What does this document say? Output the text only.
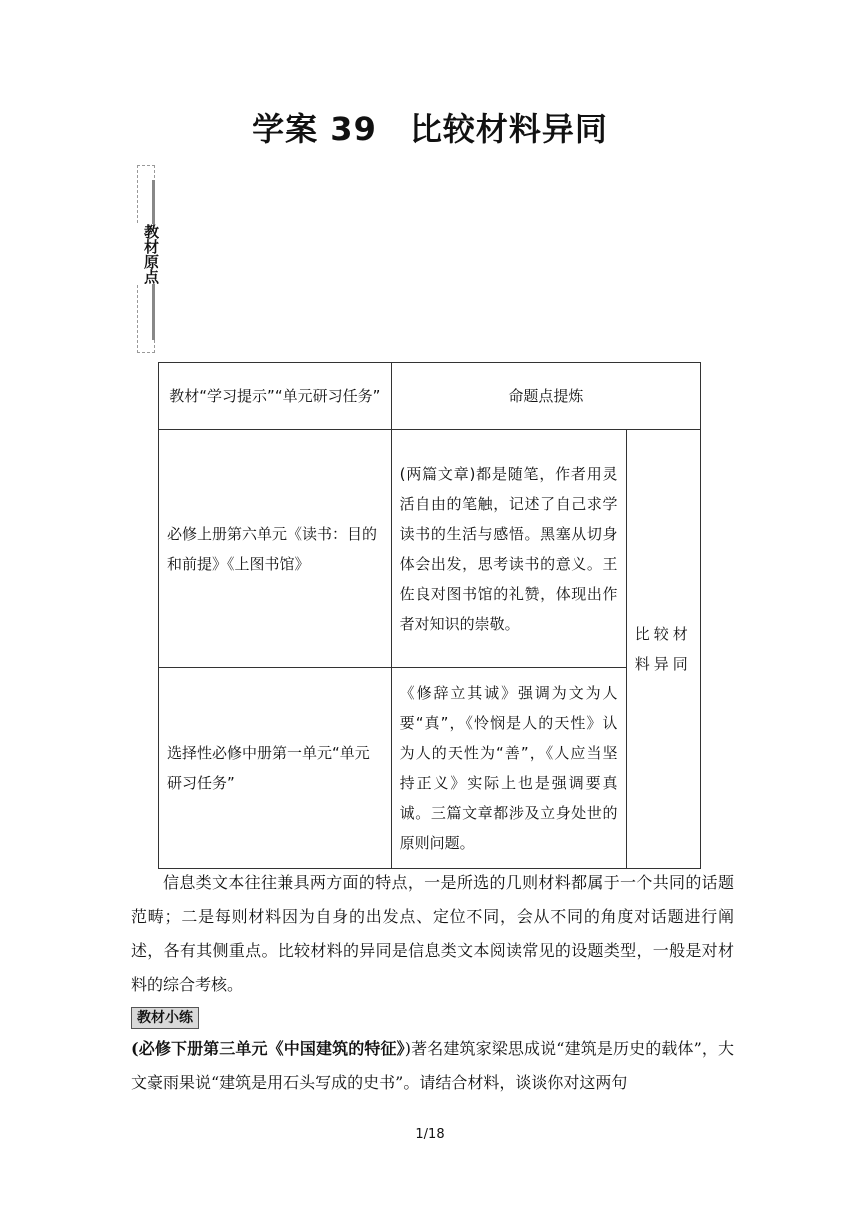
学案 39　比较材料异同
教材原点
教材“学习提示”“单元研习任务”	命题点提炼	
必修上册第六单元《读书：目的和前提》《上图书馆》	(两篇文章)都是随笔，作者用灵活自由的笔触，记述了自己求学读书的生活与感悟。黑塞从切身体会出发，思考读书的意义。王佐良对图书馆的礼赞，体现出作者对知识的崇敬。	比较材料异同
选择性必修中册第一单元“单元研习任务”	《修辞立其诚》强调为文为人要“真”，《怜悯是人的天性》认为人的天性为“善”，《人应当坚持正义》实际上也是强调要真诚。三篇文章都涉及立身处世的原则问题。	

信息类文本往往兼具两方面的特点，一是所选的几则材料都属于一个共同的话题范畴；二是每则材料因为自身的出发点、定位不同，会从不同的角度对话题进行阐述，各有其侧重点。比较材料的异同是信息类文本阅读常见的设题类型，一般是对材料的综合考核。

教材小练

(必修下册第三单元《中国建筑的特征》)著名建筑家梁思成说“建筑是历史的载体”，大文豪雨果说“建筑是用石头写成的史书”。请结合材料，谈谈你对这两句

1/18
